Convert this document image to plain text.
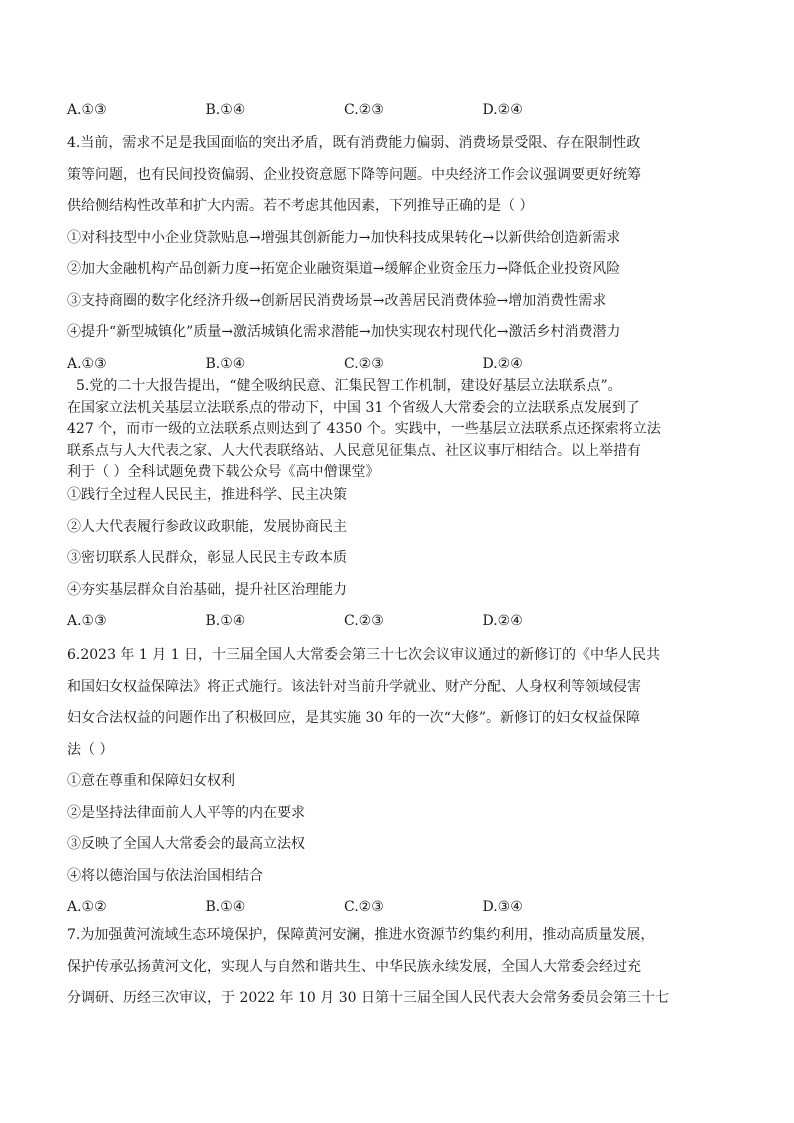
A.①③	B.①④	C.②③	D.②④
4.当前，需求不足是我国面临的突出矛盾，既有消费能力偏弱、消费场景受限、存在限制性政
策等问题，也有民间投资偏弱、企业投资意愿下降等问题。中央经济工作会议强调要更好统筹
供给侧结构性改革和扩大内需。若不考虑其他因素，下列推导正确的是（ ）
①对科技型中小企业贷款贴息→增强其创新能力→加快科技成果转化→以新供给创造新需求
②加大金融机构产品创新力度→拓宽企业融资渠道→缓解企业资金压力→降低企业投资风险
③支持商圈的数字化经济升级→创新居民消费场景→改善居民消费体验→增加消费性需求
④提升“新型城镇化”质量→激活城镇化需求潜能→加快实现农村现代化→激活乡村消费潜力
A.①③	B.①④	C.②③	D.②④
5.党的二十大报告提出，“健全吸纳民意、汇集民智工作机制，建设好基层立法联系点”。
在国家立法机关基层立法联系点的带动下，中国 31 个省级人大常委会的立法联系点发展到了
427 个，而市一级的立法联系点则达到了 4350 个。实践中，一些基层立法联系点还探索将立法
联系点与人大代表之家、人大代表联络站、人民意见征集点、社区议事厅相结合。以上举措有
利于（ ）全科试题免费下载公众号《高中僧课堂》
①践行全过程人民民主，推进科学、民主决策
②人大代表履行参政议政职能，发展协商民主
③密切联系人民群众，彰显人民民主专政本质
④夯实基层群众自治基础，提升社区治理能力
A.①③	B.①④	C.②③	D.②④
6.2023 年 1 月 1 日，十三届全国人大常委会第三十七次会议审议通过的新修订的《中华人民共
和国妇女权益保障法》将正式施行。该法针对当前升学就业、财产分配、人身权利等领域侵害
妇女合法权益的问题作出了积极回应，是其实施 30 年的一次“大修”。新修订的妇女权益保障
法（ ）
①意在尊重和保障妇女权利
②是坚持法律面前人人平等的内在要求
③反映了全国人大常委会的最高立法权
④将以德治国与依法治国相结合
A.①②	B.①④	C.②③	D.③④
7.为加强黄河流域生态环境保护，保障黄河安澜，推进水资源节约集约利用，推动高质量发展，
保护传承弘扬黄河文化，实现人与自然和谐共生、中华民族永续发展，全国人大常委会经过充
分调研、历经三次审议，于 2022 年 10 月 30 日第十三届全国人民代表大会常务委员会第三十七
